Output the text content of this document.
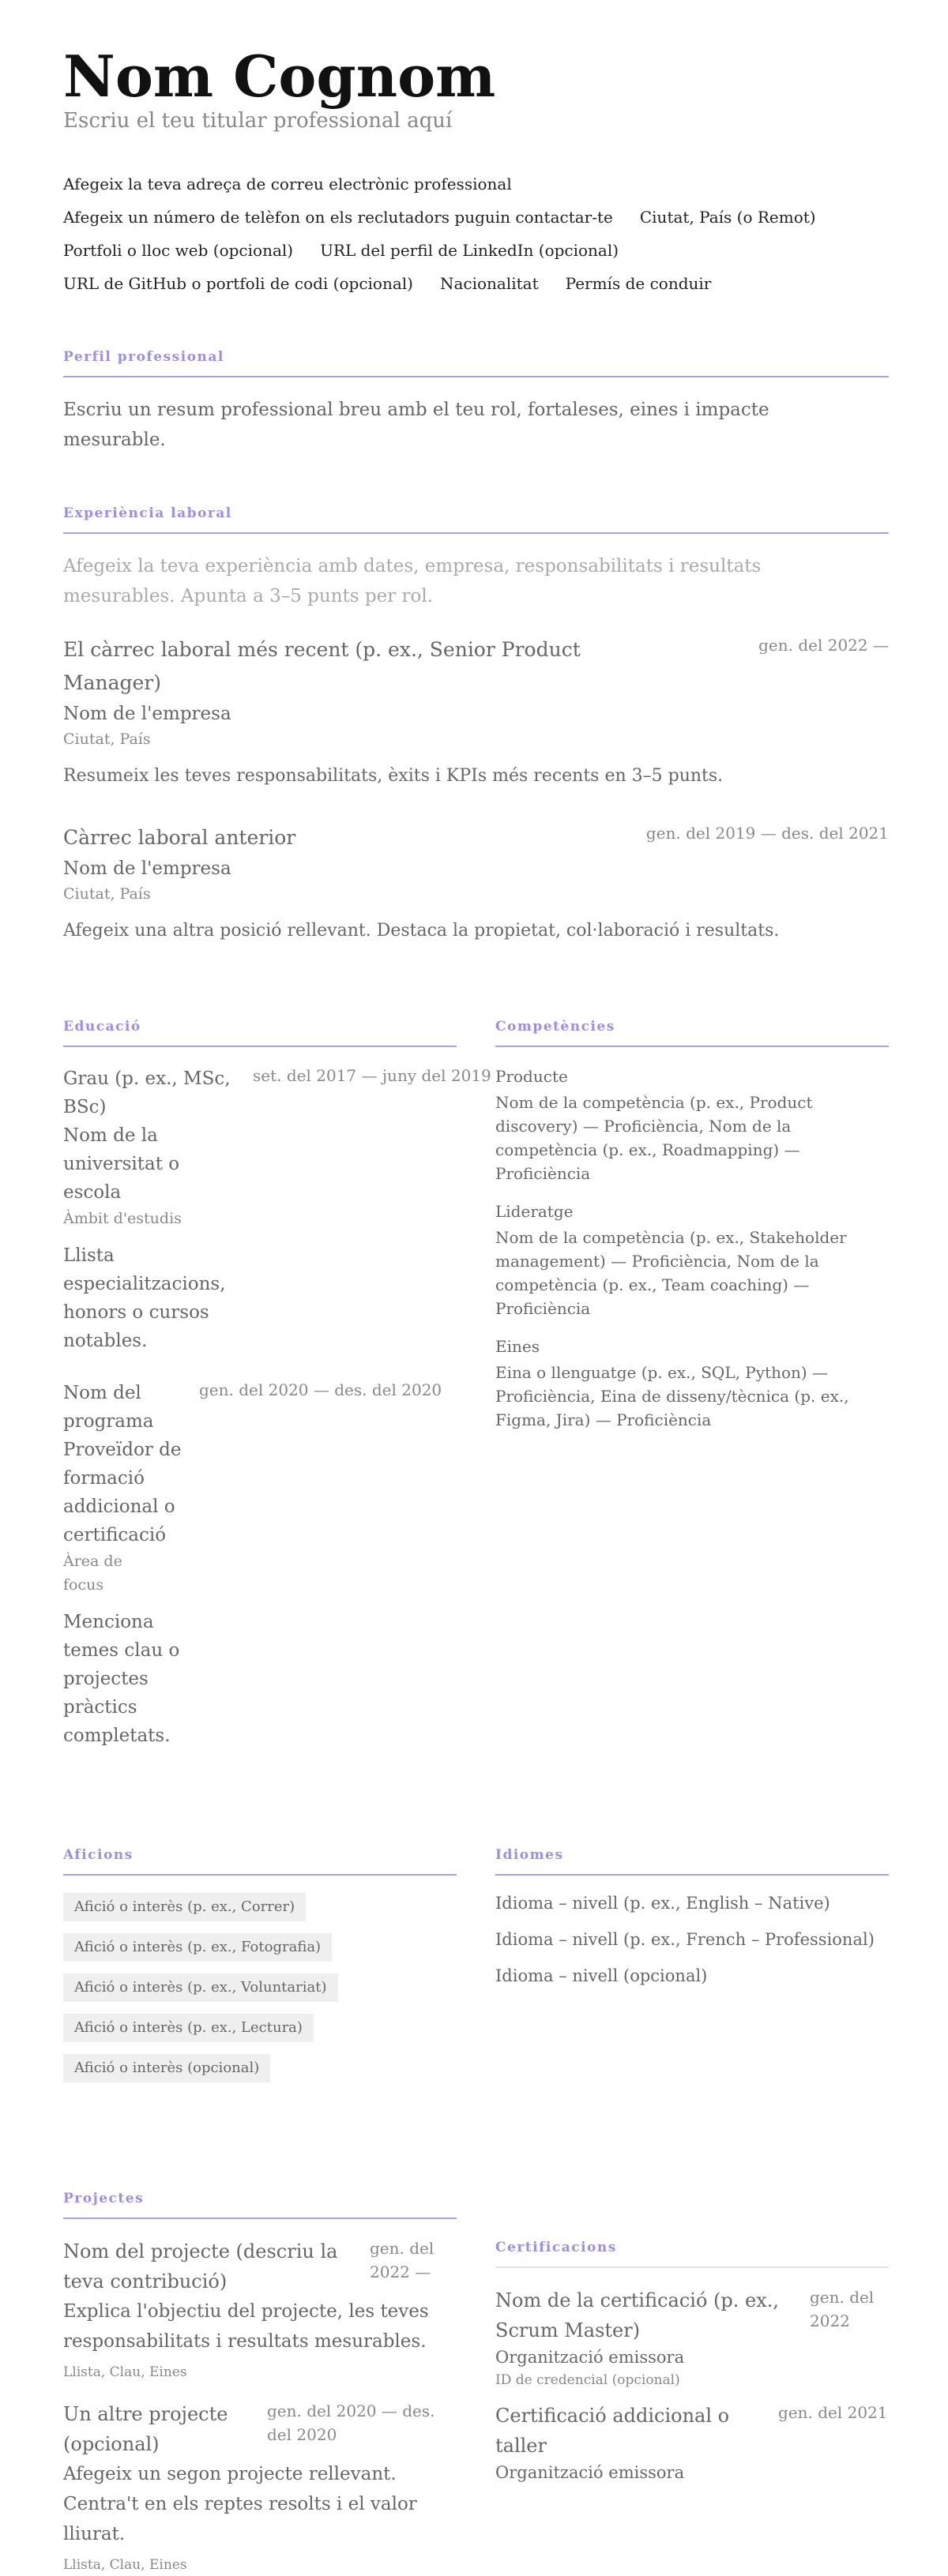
Nom Cognom
Escriu el teu titular professional aquí
Afegeix la teva adreça de correu electrònic professional
Afegeix un número de telèfon on els reclutadors puguin contactar-te Ciutat, País (o Remot)
Portfoli o lloc web (opcional) URL del perfil de LinkedIn (opcional)
URL de GitHub o portfoli de codi (opcional) Nacionalitat Permís de conduir
Perfil professional

Escriu un resum professional breu amb el teu rol, fortaleses, eines i impacte mesurable.

Experiència laboral

Afegeix la teva experiència amb dates, empresa, responsabilitats i resultats mesurables. Apunta a 3–5 punts per rol.

El càrrec laboral més recent (p. ex., Senior Product Manager)
gen. del 2022 —
Nom de l'empresa
Ciutat, País
Resumeix les teves responsabilitats, èxits i KPIs més recents en 3–5 punts.
Càrrec laboral anterior	gen. del 2019 — des. del 2021
Nom de l'empresa
Ciutat, País
Afegeix una altra posició rellevant. Destaca la propietat, col·laboració i resultats.
Educació
Grau (p. ex., MSc, BSc)
Nom de la universitat o escola
Àmbit d'estudis
Llista especialitzacions, honors o cursos notables.
set. del 2017 — juny del 2019
Nom del programa
Proveïdor de formació addicional o certificació
Àrea de focus
Menciona temes clau o projectes pràctics completats.
gen. del 2020 — des. del 2020
Competències
Producte
Nom de la competència (p. ex., Product discovery) — Proficiència, Nom de la competència (p. ex., Roadmapping) — Proficiència
Lideratge
Nom de la competència (p. ex., Stakeholder management) — Proficiència, Nom de la competència (p. ex., Team coaching) — Proficiència
Eines
Eina o llenguatge (p. ex., SQL, Python) — Proficiència, Eina de disseny/tècnica (p. ex., Figma, Jira) — Proficiència
Aficions
Afició o interès (p. ex., Correr)
Afició o interès (p. ex., Fotografia)
Afició o interès (p. ex., Voluntariat)
Afició o interès (p. ex., Lectura)
Afició o interès (opcional)
Idiomes
Idioma – nivell (p. ex., English – Native)
Idioma – nivell (p. ex., French – Professional)
Idioma – nivell (opcional)
Projectes
Nom del projecte (descriu la teva contribució)
gen. del 2022 —
Explica l'objectiu del projecte, les teves responsabilitats i resultats mesurables.
Llista, Clau, Eines
Un altre projecte (opcional)
gen. del 2020 — des. del 2020
Afegeix un segon projecte rellevant. Centra't en els reptes resolts i el valor lliurat.
Llista, Clau, Eines
Certificacions
Nom de la certificació (p. ex., Scrum Master)
gen. del 2022
Organització emissora
ID de credencial (opcional)
Certificació addicional o taller
gen. del 2021
Organització emissora
